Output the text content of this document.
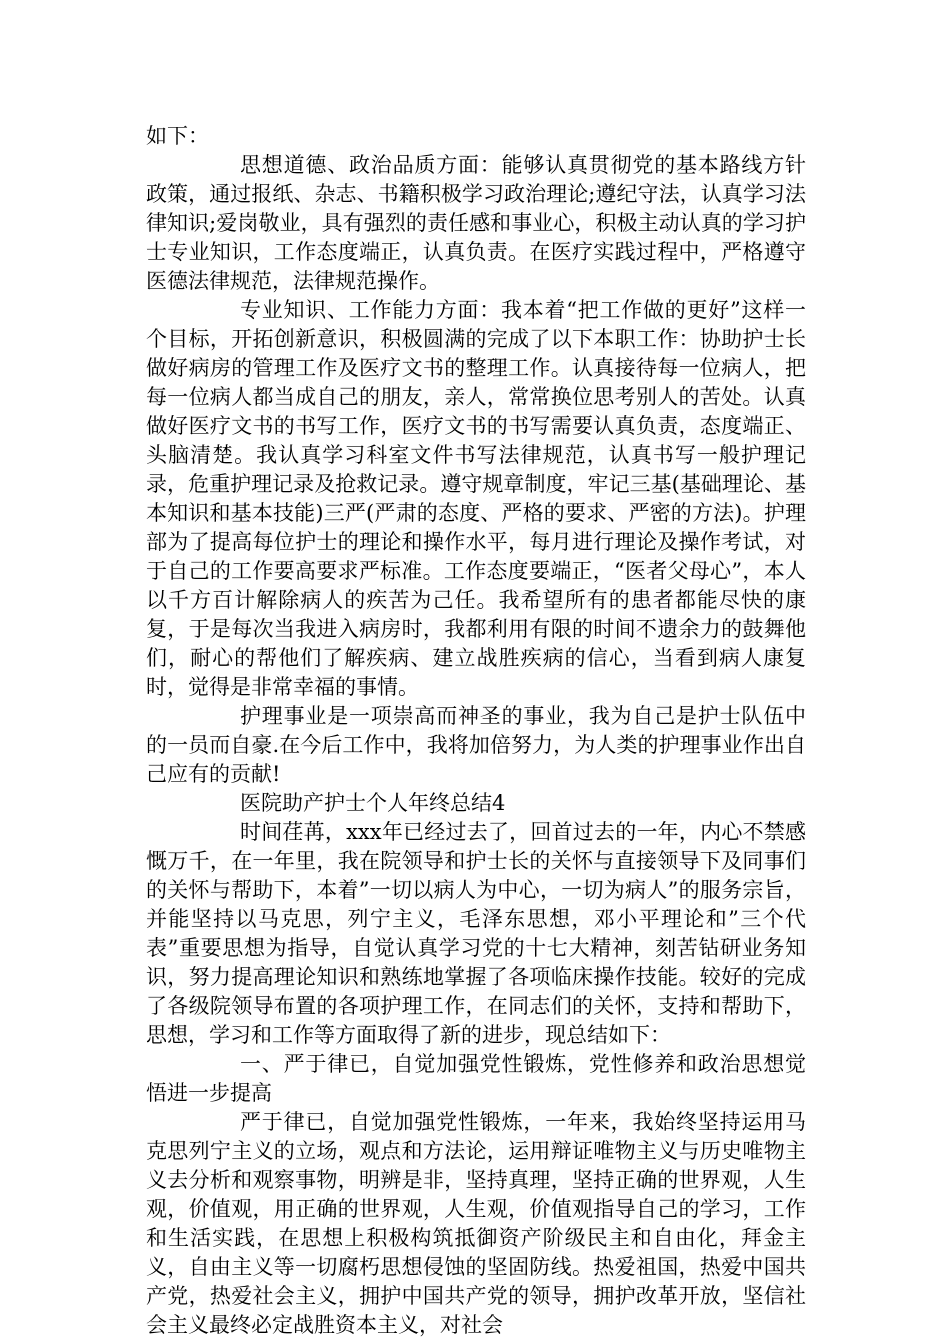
如下：

思想道德、政治品质方面：能够认真贯彻党的基本路线方针政策，通过报纸、杂志、书籍积极学习政治理论;遵纪守法，认真学习法律知识;爱岗敬业，具有强烈的责任感和事业心，积极主动认真的学习护士专业知识，工作态度端正，认真负责。在医疗实践过程中，严格遵守医德法律规范，法律规范操作。

专业知识、工作能力方面：我本着“把工作做的更好”这样一个目标，开拓创新意识，积极圆满的完成了以下本职工作：协助护士长做好病房的管理工作及医疗文书的整理工作。认真接待每一位病人，把每一位病人都当成自己的朋友，亲人，常常换位思考别人的苦处。认真做好医疗文书的书写工作，医疗文书的书写需要认真负责，态度端正、头脑清楚。我认真学习科室文件书写法律规范，认真书写一般护理记录，危重护理记录及抢救记录。遵守规章制度，牢记三基(基础理论、基本知识和基本技能)三严(严肃的态度、严格的要求、严密的方法)。护理部为了提高每位护士的理论和操作水平，每月进行理论及操作考试，对于自己的工作要高要求严标准。工作态度要端正，“医者父母心”，本人以千方百计解除病人的疾苦为己任。我希望所有的患者都能尽快的康复，于是每次当我进入病房时，我都利用有限的时间不遗余力的鼓舞他们，耐心的帮他们了解疾病、建立战胜疾病的信心，当看到病人康复时，觉得是非常幸福的事情。

护理事业是一项崇高而神圣的事业，我为自己是护士队伍中的一员而自豪.在今后工作中，我将加倍努力，为人类的护理事业作出自己应有的贡献!

医院助产护士个人年终总结4

时间荏苒，xxx年已经过去了，回首过去的一年，内心不禁感慨万千，在一年里，我在院领导和护士长的关怀与直接领导下及同事们的关怀与帮助下，本着”一切以病人为中心，一切为病人”的服务宗旨，并能坚持以马克思，列宁主义，毛泽东思想，邓小平理论和”三个代表”重要思想为指导，自觉认真学习党的十七大精神，刻苦钻研业务知识，努力提高理论知识和熟练地掌握了各项临床操作技能。较好的完成了各级院领导布置的各项护理工作，在同志们的关怀，支持和帮助下，思想，学习和工作等方面取得了新的进步，现总结如下：

一、严于律已，自觉加强党性锻炼，党性修养和政治思想觉悟进一步提高

严于律已，自觉加强党性锻炼，一年来，我始终坚持运用马克思列宁主义的立场，观点和方法论，运用辩证唯物主义与历史唯物主义去分析和观察事物，明辨是非，坚持真理，坚持正确的世界观，人生观，价值观，用正确的世界观，人生观，价值观指导自己的学习，工作和生活实践，在思想上积极构筑抵御资产阶级民主和自由化，拜金主义，自由主义等一切腐朽思想侵蚀的坚固防线。热爱祖国，热爱中国共产党，热爱社会主义，拥护中国共产党的领导，拥护改革开放，坚信社会主义最终必定战胜资本主义，对社会
